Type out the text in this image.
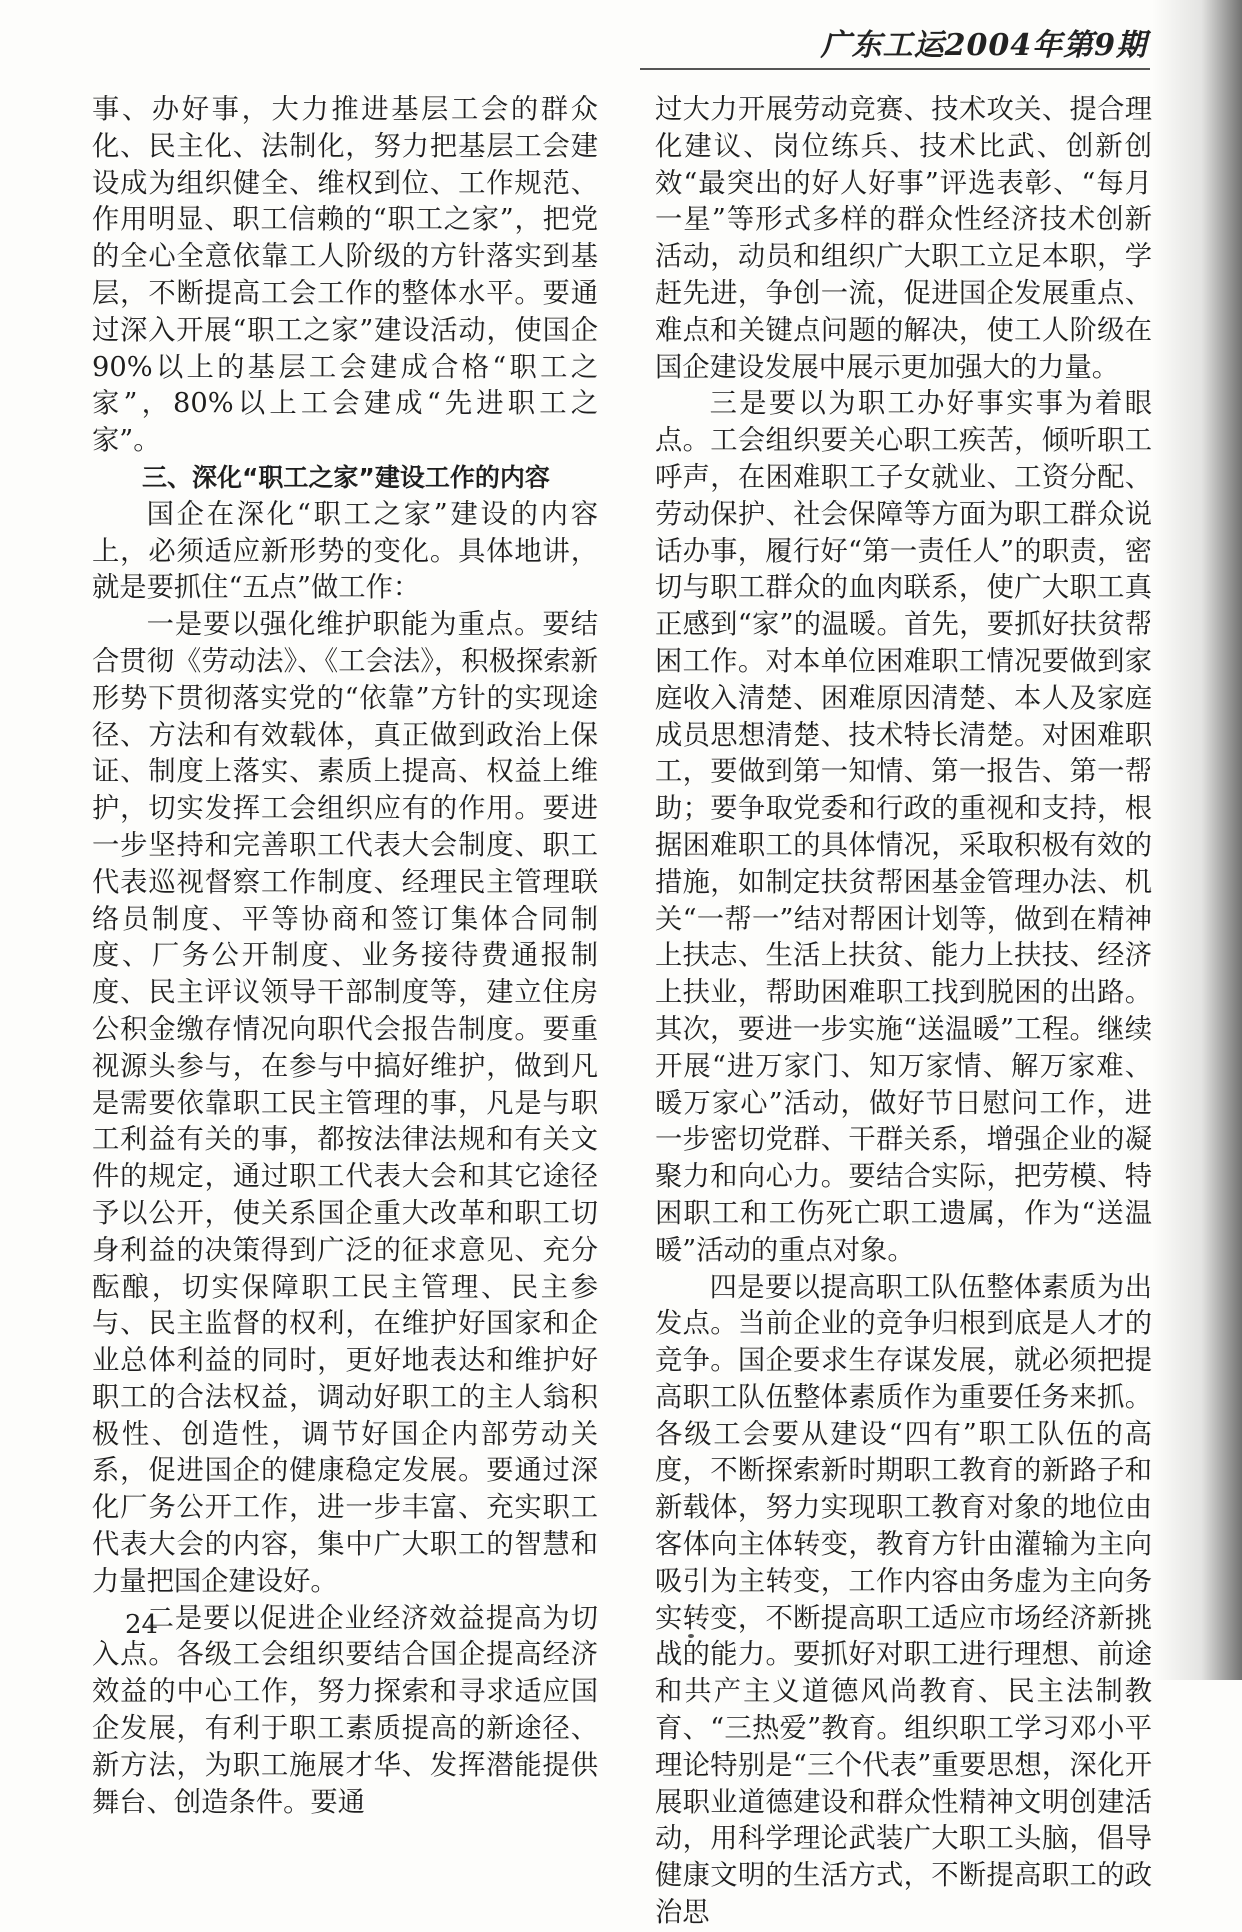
广东工运2004年第9期

事、办好事，大力推进基层工会的群众化、民主化、法制化，努力把基层工会建设成为组织健全、维权到位、工作规范、作用明显、职工信赖的“职工之家”，把党的全心全意依靠工人阶级的方针落实到基层，不断提高工会工作的整体水平。要通过深入开展“职工之家”建设活动，使国企90%以上的基层工会建成合格“职工之家”，80%以上工会建成“先进职工之家”。

三、深化“职工之家”建设工作的内容

国企在深化“职工之家”建设的内容上，必须适应新形势的变化。具体地讲，就是要抓住“五点”做工作：

一是要以强化维护职能为重点。要结合贯彻《劳动法》、《工会法》，积极探索新形势下贯彻落实党的“依靠”方针的实现途径、方法和有效载体，真正做到政治上保证、制度上落实、素质上提高、权益上维护，切实发挥工会组织应有的作用。要进一步坚持和完善职工代表大会制度、职工代表巡视督察工作制度、经理民主管理联络员制度、平等协商和签订集体合同制度、厂务公开制度、业务接待费通报制度、民主评议领导干部制度等，建立住房公积金缴存情况向职代会报告制度。要重视源头参与，在参与中搞好维护，做到凡是需要依靠职工民主管理的事，凡是与职工利益有关的事，都按法律法规和有关文件的规定，通过职工代表大会和其它途径予以公开，使关系国企重大改革和职工切身利益的决策得到广泛的征求意见、充分酝酿，切实保障职工民主管理、民主参与、民主监督的权利，在维护好国家和企业总体利益的同时，更好地表达和维护好职工的合法权益，调动好职工的主人翁积极性、创造性，调节好国企内部劳动关系，促进国企的健康稳定发展。要通过深化厂务公开工作，进一步丰富、充实职工代表大会的内容，集中广大职工的智慧和力量把国企建设好。

二是要以促进企业经济效益提高为切入点。各级工会组织要结合国企提高经济效益的中心工作，努力探索和寻求适应国企发展，有利于职工素质提高的新途径、新方法，为职工施展才华、发挥潜能提供舞台、创造条件。要通

过大力开展劳动竞赛、技术攻关、提合理化建议、岗位练兵、技术比武、创新创效“最突出的好人好事”评选表彰、“每月一星”等形式多样的群众性经济技术创新活动，动员和组织广大职工立足本职，学赶先进，争创一流，促进国企发展重点、难点和关键点问题的解决，使工人阶级在国企建设发展中展示更加强大的力量。

三是要以为职工办好事实事为着眼点。工会组织要关心职工疾苦，倾听职工呼声，在困难职工子女就业、工资分配、劳动保护、社会保障等方面为职工群众说话办事，履行好“第一责任人”的职责，密切与职工群众的血肉联系，使广大职工真正感到“家”的温暖。首先，要抓好扶贫帮困工作。对本单位困难职工情况要做到家庭收入清楚、困难原因清楚、本人及家庭成员思想清楚、技术特长清楚。对困难职工，要做到第一知情、第一报告、第一帮助；要争取党委和行政的重视和支持，根据困难职工的具体情况，采取积极有效的措施，如制定扶贫帮困基金管理办法、机关“一帮一”结对帮困计划等，做到在精神上扶志、生活上扶贫、能力上扶技、经济上扶业，帮助困难职工找到脱困的出路。其次，要进一步实施“送温暖”工程。继续开展“进万家门、知万家情、解万家难、暖万家心”活动，做好节日慰问工作，进一步密切党群、干群关系，增强企业的凝聚力和向心力。要结合实际，把劳模、特困职工和工伤死亡职工遗属，作为“送温暖”活动的重点对象。

四是要以提高职工队伍整体素质为出发点。当前企业的竞争归根到底是人才的竞争。国企要求生存谋发展，就必须把提高职工队伍整体素质作为重要任务来抓。各级工会要从建设“四有”职工队伍的高度，不断探索新时期职工教育的新路子和新载体，努力实现职工教育对象的地位由客体向主体转变，教育方针由灌输为主向吸引为主转变，工作内容由务虚为主向务实转变，不断提高职工适应市场经济新挑战的能力。要抓好对职工进行理想、前途和共产主义道德风尚教育、民主法制教育、“三热爱”教育。组织职工学习邓小平理论特别是“三个代表”重要思想，深化开展职业道德建设和群众性精神文明创建活动，用科学理论武装广大职工头脑，倡导健康文明的生活方式，不断提高职工的政治思

24
